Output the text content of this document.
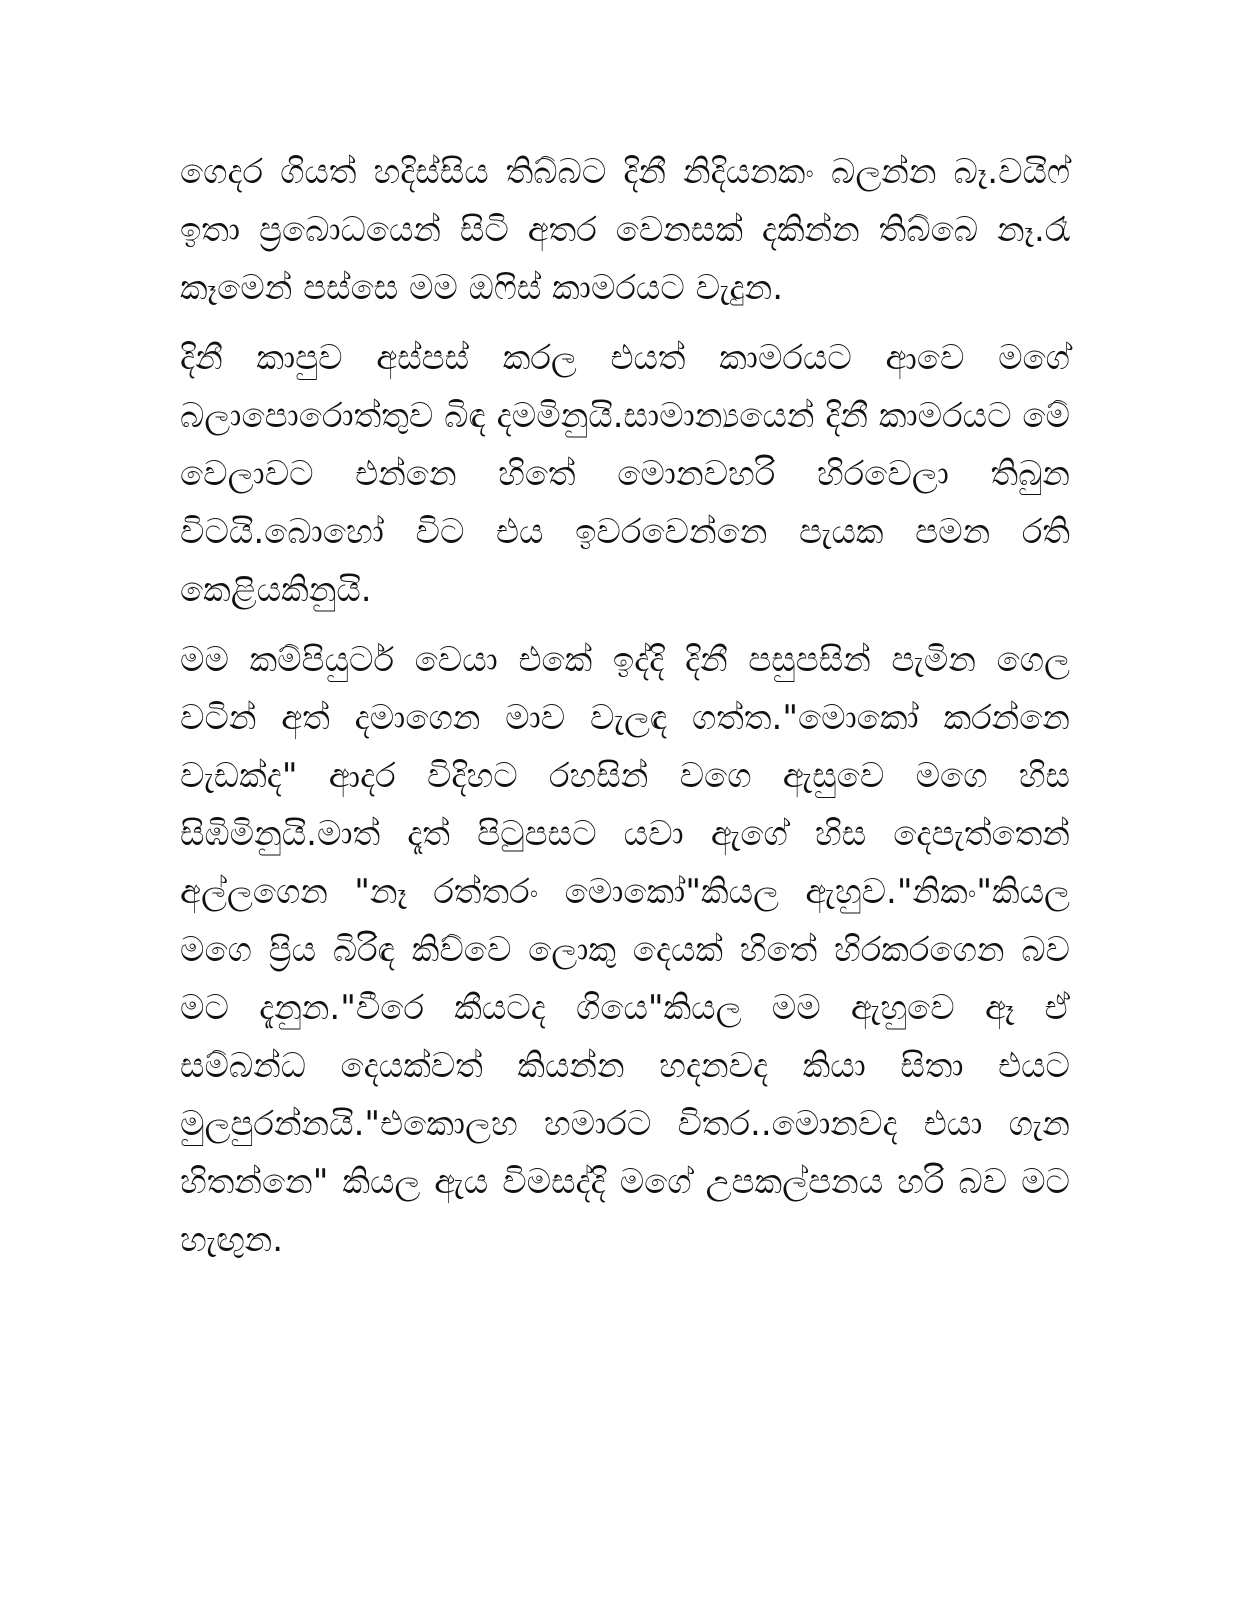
ගෙදර ගියත් හදිස්සිය තිබ්බට දිනී නිදියනකං බලන්න බෑ.වයිෆ් ඉතා ප්‍රබොධයෙන් සිටි අතර වෙනසක් දකින්න තිබ්බෙ නෑ.රෑ කෑමෙන් පස්සෙ මම ඔෆිස් කාමරයට වැදුන.

දිනී කාපුව අස්පස් කරල එයත් කාමරයට ආවෙ මගේ බලාපොරොත්තුව බිඳ දමමිනුයි.සාමාන්‍යයෙන් දිනී කාමරයට මේ වෙලාවට එන්නෙ හිතේ මොනවහරි හිරවෙලා තිබුන විටයි.බොහෝ විට එය ඉවරවෙන්නෙ පැයක පමන රති කෙළියකිනුයි.

මම කම්පියුටර් වෙයා එකේ ඉද්දි දිනී පසුපසින් පැමින ගෙල වටින් අත් දමාගෙන මාව වැලඳ ගත්ත."මොකෝ කරන්නෙ වැඩක්ද" ආදර විදිහට රහසින් වගෙ ඇසුවෙ මගෙ හිස සිඹිමිනුයි.මාත් දෑත් පිටුපසට යවා ඇගේ හිස දෙපැත්තෙන් අල්ලගෙන "නෑ රත්තරං මොකෝ"කියල ඇහුව."නිකං"කියල මගෙ ප්‍රිය බිරිඳ කිව්වෙ ලොකු දෙයක් හිතේ හිරකරගෙන බව මට දැනුන."වීරෙ කීයටද ගියෙ"කියල මම ඇහුවෙ ඈ ඒ සම්බන්ධ දෙයක්වත් කියන්න හදනවද කියා සිතා එයට මුලපුරන්නයි."එකොලහ හමාරට විතර..මොනවද එයා ගැන හිතන්නෙ" කියල ඇය විමසද්දි මගේ උපකල්පනය හරි බව මට හැඟුන.
